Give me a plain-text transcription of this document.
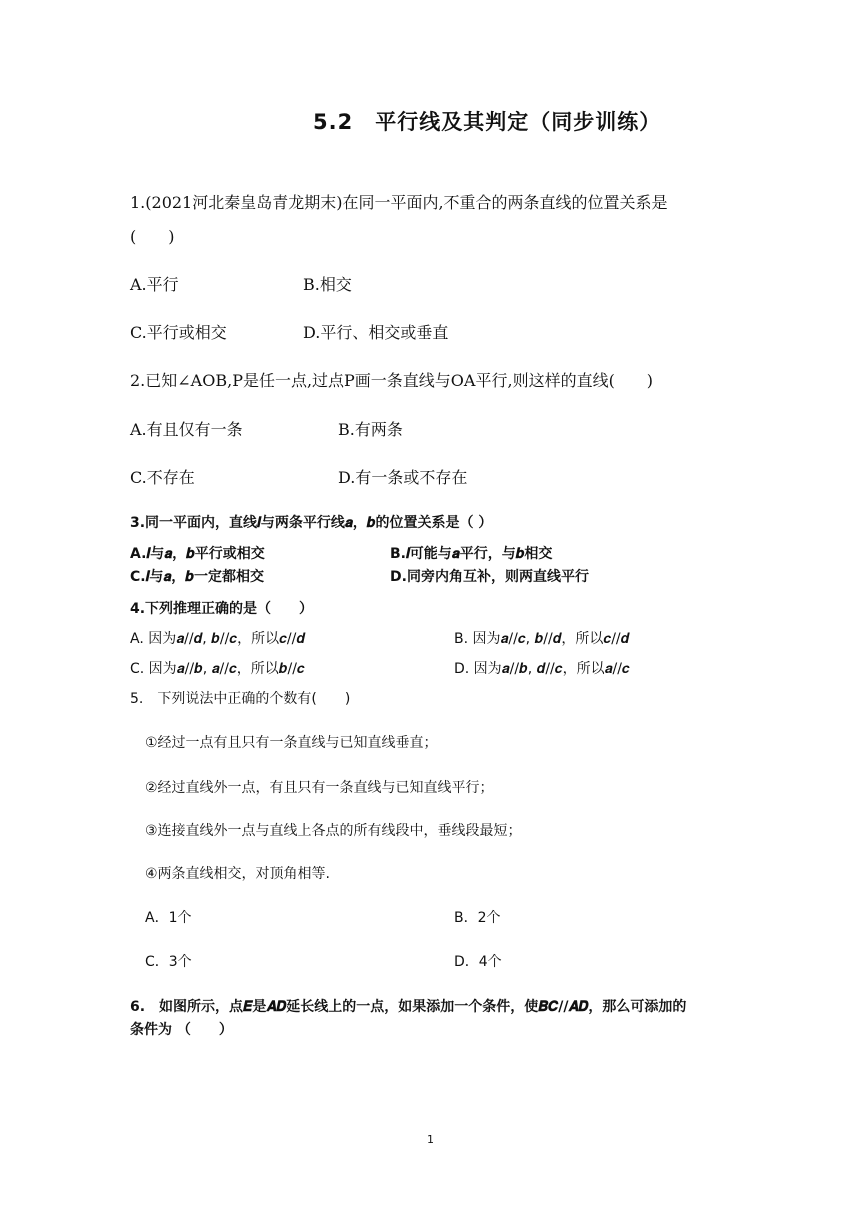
5.2　平行线及其判定（同步训练）
1.(2021河北秦皇岛青龙期末)在同一平面内,不重合的两条直线的位置关系是
(　　)
A.平行	B.相交
C.平行或相交	D.平行、相交或垂直
2.已知∠AOB,P是任一点,过点P画一条直线与OA平行,则这样的直线(　　)
A.有且仅有一条	B.有两条
C.不存在	D.有一条或不存在
3.同一平面内，直线𝒍与两条平行线𝒂，𝒃的位置关系是（ ）
A.𝒍与𝒂，𝒃平行或相交	B.𝒍可能与𝒂平行，与𝒃相交
C.𝒍与𝒂，𝒃一定都相交	D.同旁内角互补，则两直线平行
4.下列推理正确的是（　　）
A. 因为𝒂//𝒅, 𝒃//𝒄，所以𝒄//𝒅	B. 因为𝒂//𝒄, 𝒃//𝒅，所以𝒄//𝒅
C. 因为𝒂//𝒃, 𝒂//𝒄，所以𝒃//𝒄	D. 因为𝒂//𝒃, 𝒅//𝒄，所以𝒂//𝒄
5.　下列说法中正确的个数有(　　)
①经过一点有且只有一条直线与已知直线垂直；
②经过直线外一点，有且只有一条直线与已知直线平行；
③连接直线外一点与直线上各点的所有线段中，垂线段最短；
④两条直线相交，对顶角相等.
A．1个	B．2个
C．3个	D．4个
6.　如图所示，点𝑬是𝑨𝑫延长线上的一点，如果添加一个条件，使𝑩𝑪//𝑨𝑫，那么可添加的
条件为 （　　）
1
